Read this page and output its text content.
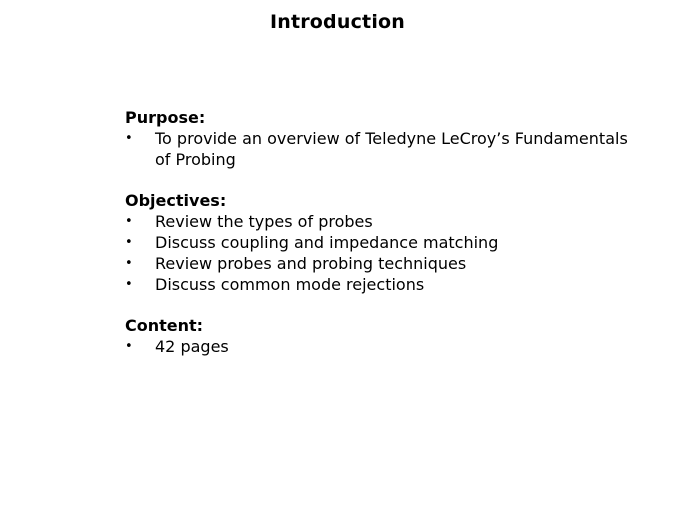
Introduction

Purpose:

• To provide an overview of Teledyne LeCroy’s Fundamentals of Probing

Objectives:

• Review the types of probes
• Discuss coupling and impedance matching
• Review probes and probing techniques
• Discuss common mode rejections

Content:

• 42 pages
